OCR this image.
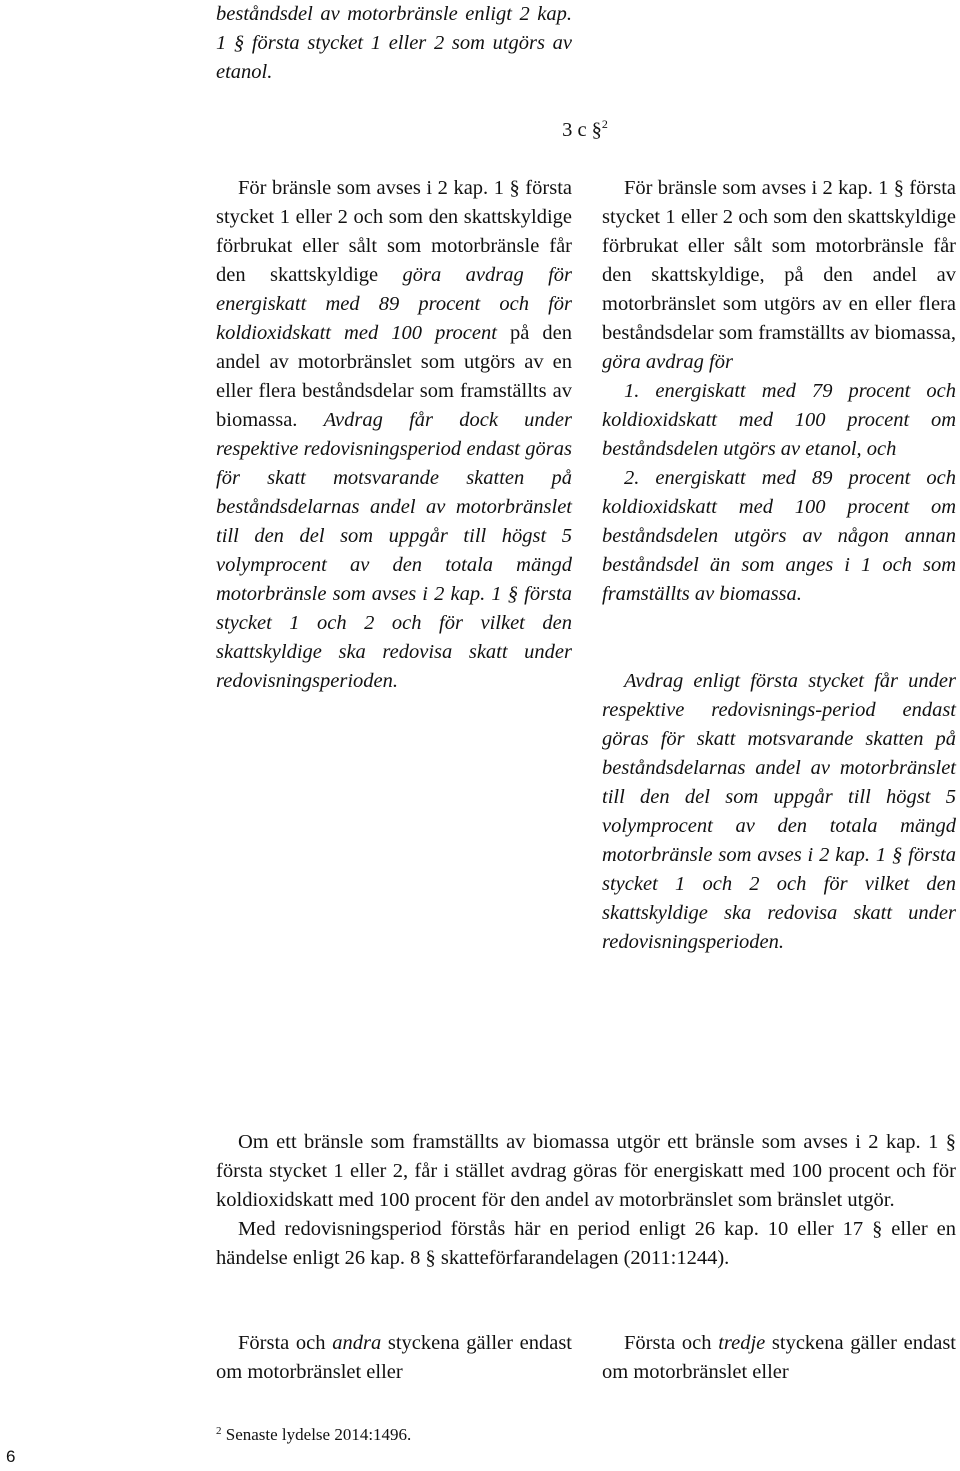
beståndsdel av motorbränsle enligt 2 kap. 1 § första stycket 1 eller 2 som utgörs av etanol.

3 c §$^2$

För bränsle som avses i 2 kap. 1 § första stycket 1 eller 2 och som den skattskyldige förbrukat eller sålt som motorbränsle får den skattskyldige göra avdrag för energiskatt med 89 procent och för koldioxidskatt med 100 procent på den andel av motorbränslet som utgörs av en eller flera beståndsdelar som framställts av biomassa. Avdrag får dock under respektive redovisningsperiod endast göras för skatt motsvarande skatten på beståndsdelarnas andel av motorbränslet till den del som uppgår till högst 5 volymprocent av den totala mängd motorbränsle som avses i 2 kap. 1 § första stycket 1 och 2 och för vilket den skattskyldige ska redovisa skatt under redovisningsperioden.

För bränsle som avses i 2 kap. 1 § första stycket 1 eller 2 och som den skattskyldige förbrukat eller sålt som motorbränsle får den skattskyldige, på den andel av motorbränslet som utgörs av en eller flera beståndsdelar som framställts av biomassa, göra avdrag för

1. energiskatt med 79 procent och koldioxidskatt med 100 procent om beståndsdelen utgörs av etanol, och

2. energiskatt med 89 procent och koldioxidskatt med 100 procent om beståndsdelen utgörs av någon annan beståndsdel än som anges i 1 och som framställts av biomassa.

Avdrag enligt första stycket får under respektive redovisnings-period endast göras för skatt motsvarande skatten på beståndsdelarnas andel av motorbränslet till den del som uppgår till högst 5 volymprocent av den totala mängd motorbränsle som avses i 2 kap. 1 § första stycket 1 och 2 och för vilket den skattskyldige ska redovisa skatt under redovisningsperioden.

Om ett bränsle som framställts av biomassa utgör ett bränsle som avses i 2 kap. 1 § första stycket 1 eller 2, får i stället avdrag göras för energiskatt med 100 procent och för koldioxidskatt med 100 procent för den andel av motorbränslet som bränslet utgör.

Med redovisningsperiod förstås här en period enligt 26 kap. 10 eller 17 § eller en händelse enligt 26 kap. 8 § skatteförfarandelagen (2011:1244).

Första och andra styckena gäller endast om motorbränslet eller

Första och tredje styckena gäller endast om motorbränslet eller

$^2$ Senaste lydelse 2014:1496.
6
